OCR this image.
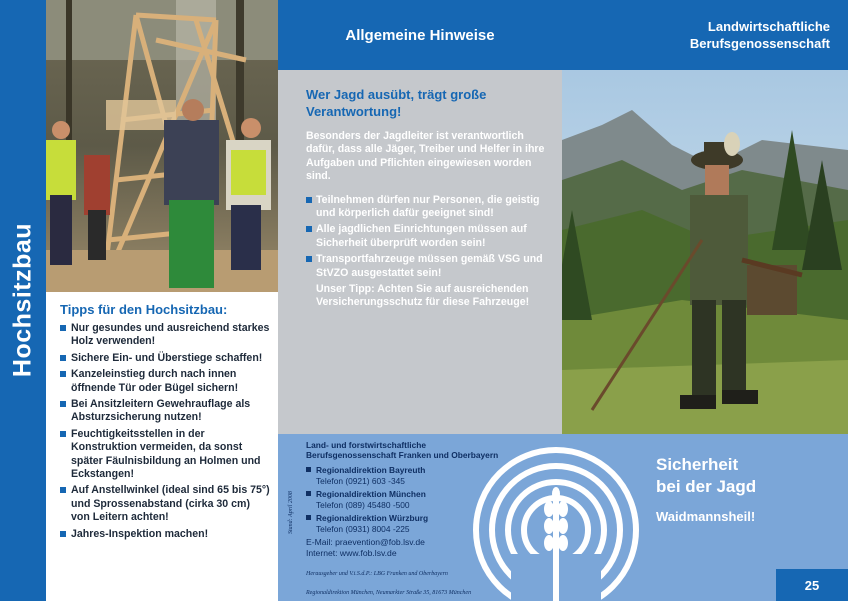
Hochsitzbau Tipps für den Hochsitzbau:
Nur gesundes und ausreichend starkes Holz verwenden!
Sichere Ein- und Überstiege schaffen!
Kanzeleinstieg durch nach innen öffnende Tür oder Bügel sichern!
Bei Ansitzleitern Gewehrauflage als Absturzsicherung nutzen!
Feuchtigkeitsstellen in der Konstruktion vermeiden, da sonst später Fäulnisbildung an Holmen und Eckstangen!
Auf Anstellwinkel (ideal sind 65 bis 75°) und Sprossenabstand (cirka 30 cm) von Leitern achten!
Jahres-Inspektion machen!
Allgemeine Hinweise	Landwirtschaftliche
Berufsgenossenschaft
Wer Jagd ausübt, trägt große Verantwortung!

Besonders der Jagdleiter ist verantwortlich dafür, dass alle Jäger, Treiber und Helfer in ihre Aufgaben und Pflichten eingewiesen worden sind.

Teilnehmen dürfen nur Personen, die geistig und körperlich dafür geeignet sind!
Alle jagdlichen Einrichtungen müssen auf Sicherheit überprüft worden sein!
Transportfahrzeuge müssen gemäß VSG und StVZO ausgestattet sein!
Unser Tipp: Achten Sie auf ausreichenden Versicherungsschutz für diese Fahrzeuge!
Stand: April 2008
Land- und forstwirtschaftliche Berufsgenossenschaft Franken und Oberbayern
Regionaldirektion Bayreuth
Telefon (0921) 603 -345
Regionaldirektion München
Telefon (089) 45480 -500
Regionaldirektion Würzburg
Telefon (0931) 8004 -225
E-Mail: praevention@fob.lsv.de
Internet: www.fob.lsv.de
Herausgeber und V.i.S.d.P.: LBG Franken und Oberbayern
Regionaldirektion München, Neumarkter Straße 35, 81673 München
Sicherheit
bei der Jagd
Waidmannsheil!
25
